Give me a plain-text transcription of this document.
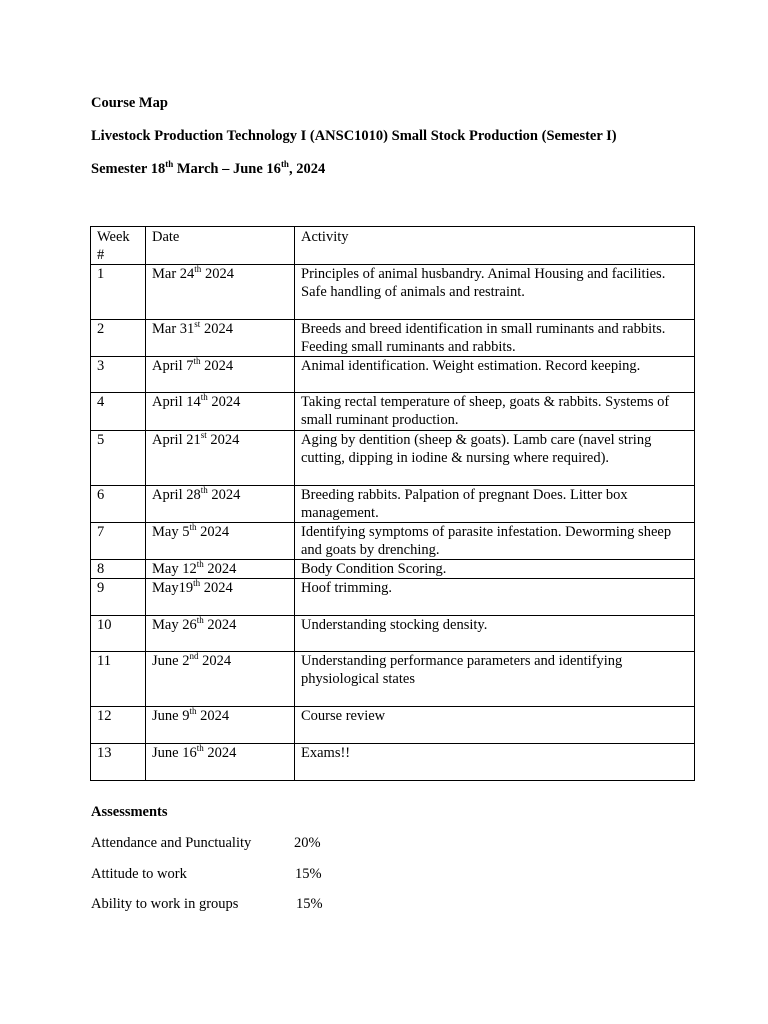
Course Map
Livestock Production Technology I (ANSC1010) Small Stock Production (Semester I)
Semester 18th March – June 16th, 2024
Week #	Date	Activity
1	Mar 24th 2024	Principles of animal husbandry. Animal Housing and facilities. Safe handling of animals and restraint.
2	Mar 31st 2024	Breeds and breed identification in small ruminants and rabbits. Feeding small ruminants and rabbits.
3	April 7th 2024	Animal identification. Weight estimation. Record keeping.
4	April 14th 2024	Taking rectal temperature of sheep, goats & rabbits. Systems of small ruminant production.
5	April 21st 2024	Aging by dentition (sheep & goats). Lamb care (navel string cutting, dipping in iodine & nursing where required).
6	April 28th 2024	Breeding rabbits. Palpation of pregnant Does. Litter box management.
7	May 5th 2024	Identifying symptoms of parasite infestation. Deworming sheep and goats by drenching.
8	May 12th 2024	Body Condition Scoring.
9	May19th 2024	Hoof trimming.
10	May 26th 2024	Understanding stocking density.
11	June 2nd 2024	Understanding performance parameters and identifying physiological states
12	June 9th 2024	Course review
13	June 16th 2024	Exams!!
Assessments
Attendance and Punctuality	20%
Attitude to work	15%
Ability to work in groups	15%
